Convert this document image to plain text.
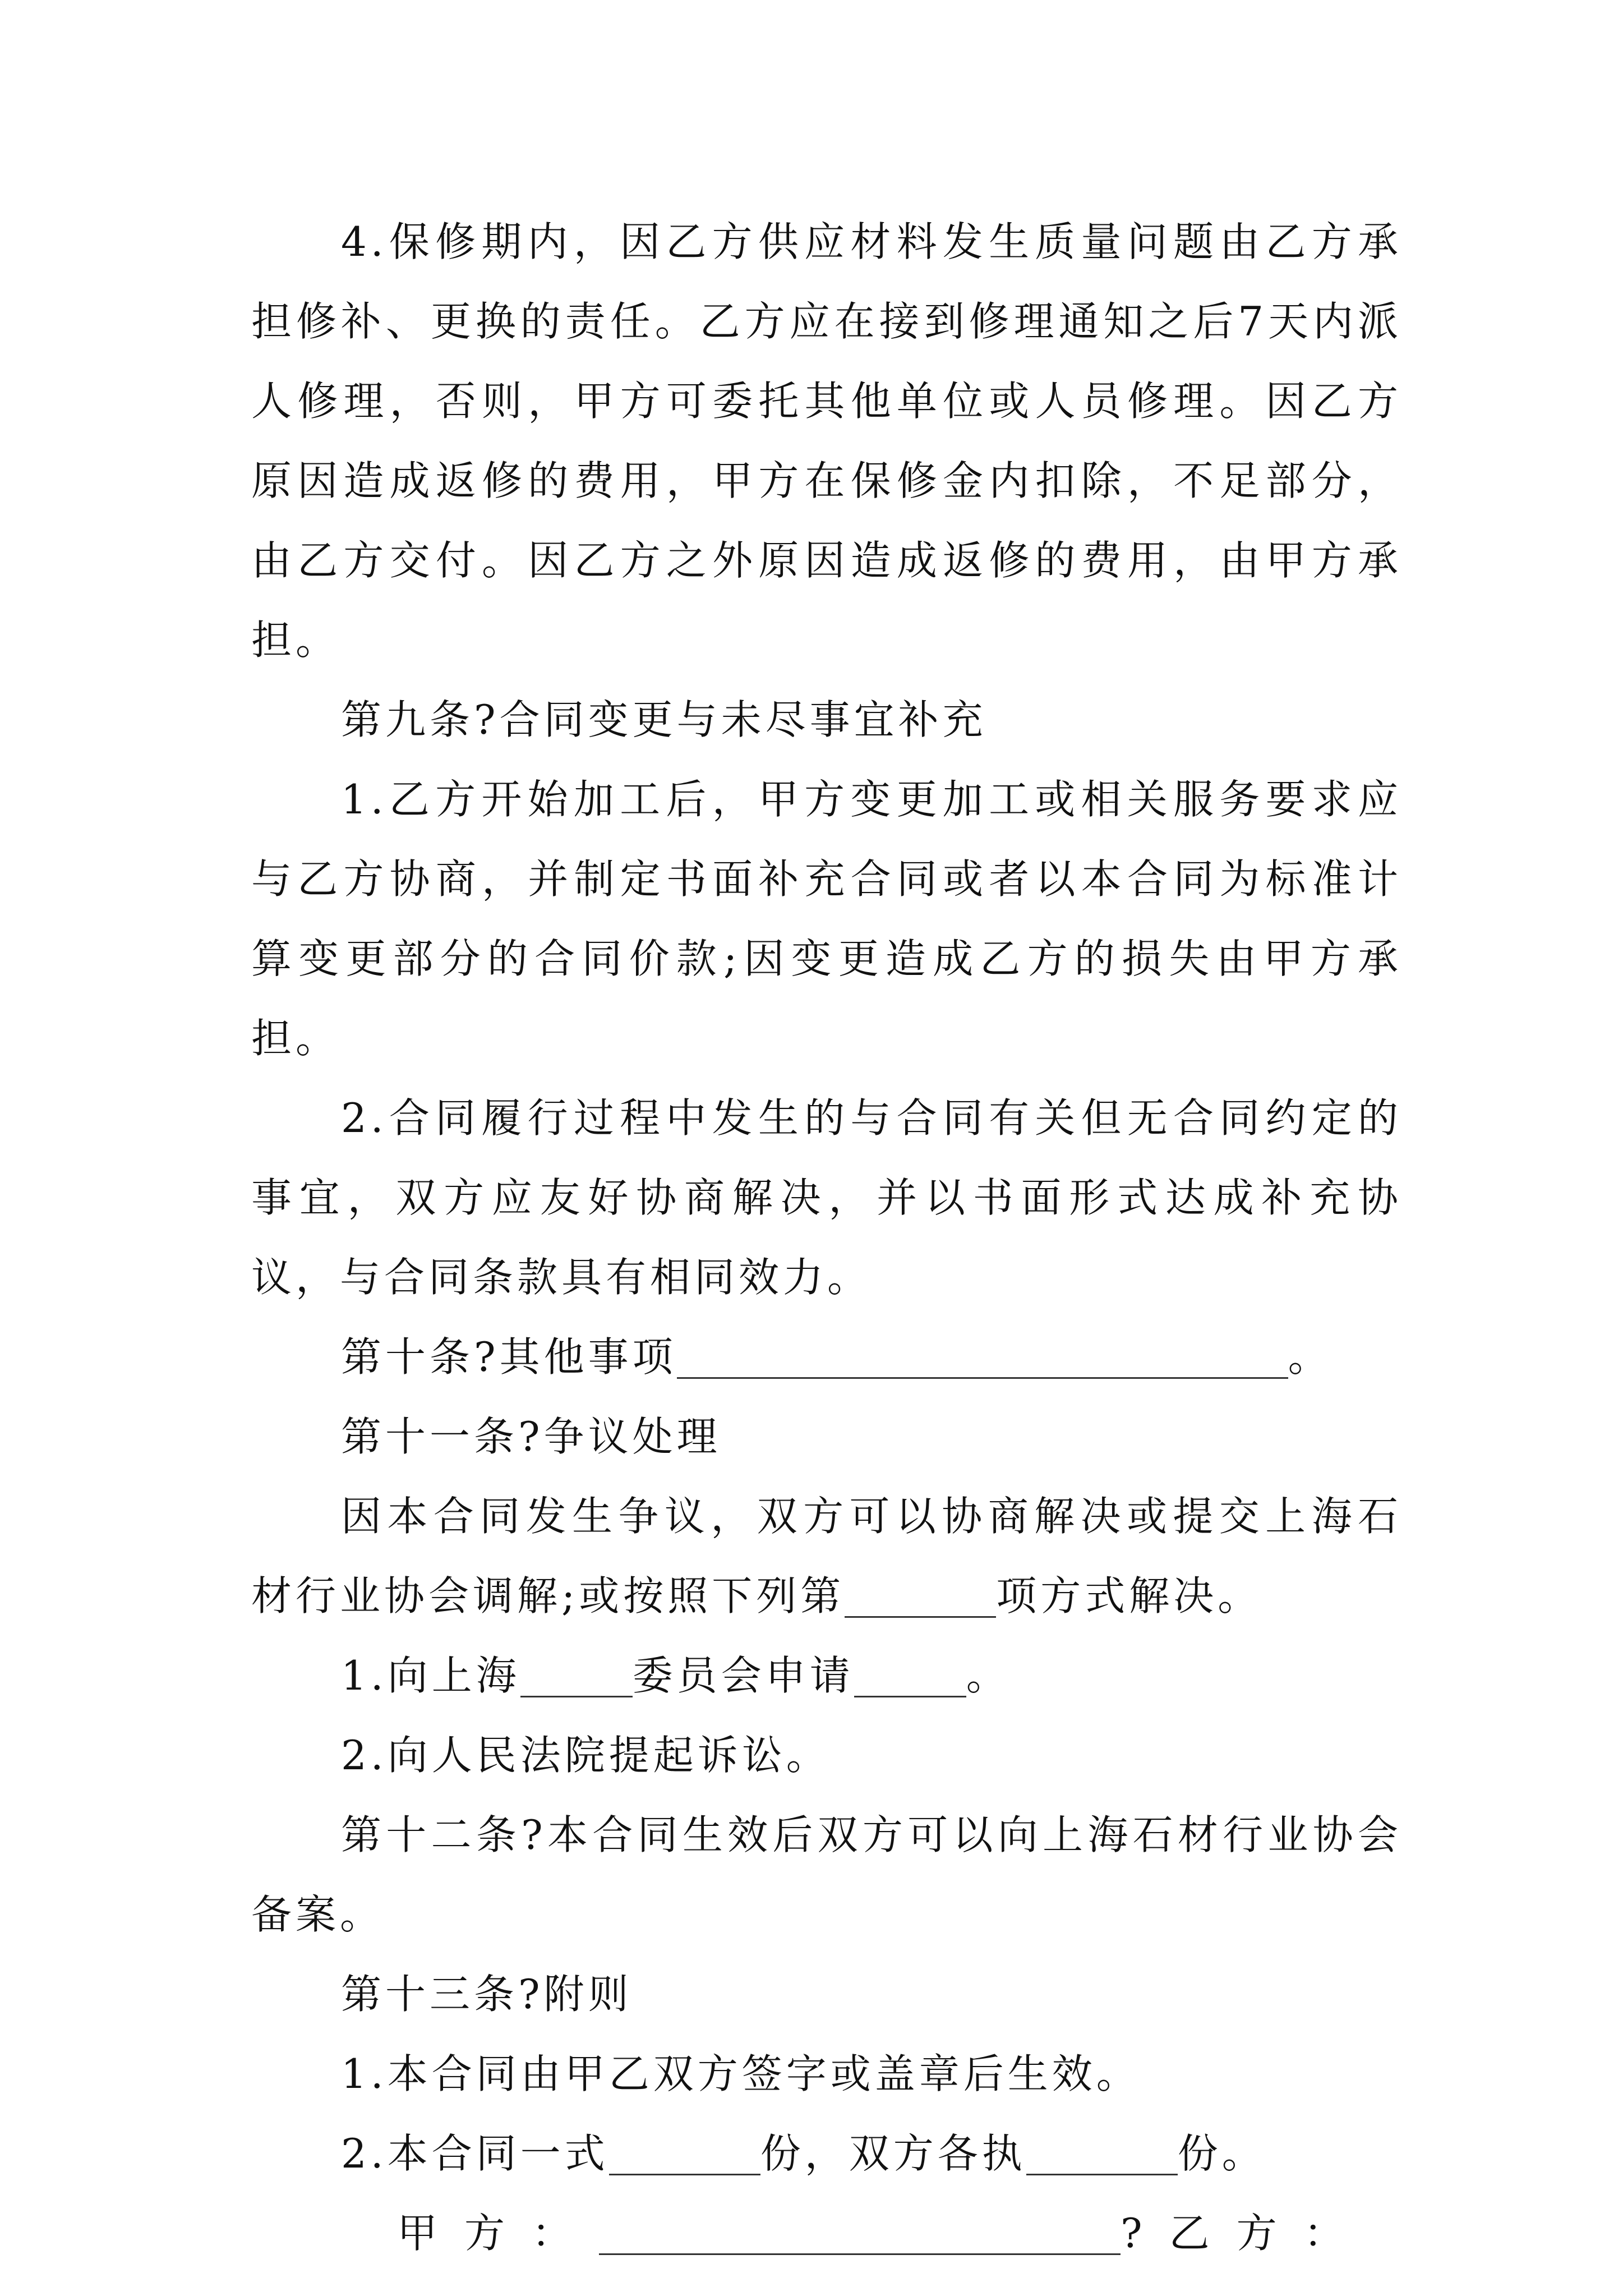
4.保修期内，因乙方供应材料发生质量问题由乙方承担修补、更换的责任。乙方应在接到修理通知之后7天内派人修理，否则，甲方可委托其他单位或人员修理。因乙方原因造成返修的费用，甲方在保修金内扣除，不足部分，由乙方交付。因乙方之外原因造成返修的费用，由甲方承担。

第九条?合同变更与未尽事宜补充

1.乙方开始加工后，甲方变更加工或相关服务要求应与乙方协商，并制定书面补充合同或者以本合同为标准计算变更部分的合同价款;因变更造成乙方的损失由甲方承担。

2.合同履行过程中发生的与合同有关但无合同约定的事宜，双方应友好协商解决，并以书面形式达成补充协议，与合同条款具有相同效力。

第十条?其他事项	。

第十一条?争议处理

因本合同发生争议，双方可以协商解决或提交上海石材行业协会调解;或按照下列第	项方式解决。

1.向上海	委员会申请	。

2.向人民法院提起诉讼。

第十二条?本合同生效后双方可以向上海石材行业协会备案。

第十三条?附则

1.本合同由甲乙双方签字或盖章后生效。

2.本合同一式	份，双方各执	份。

甲方：	?乙方：
